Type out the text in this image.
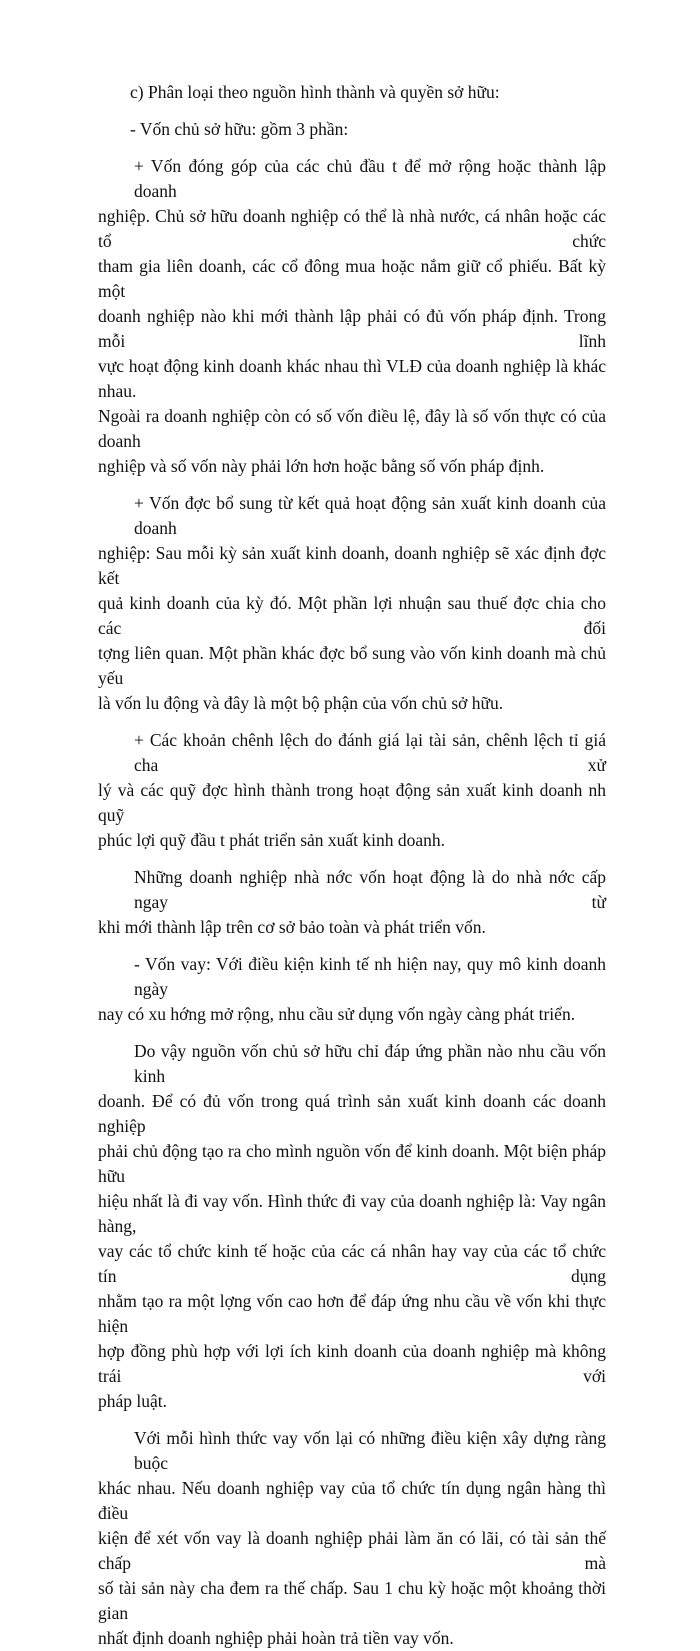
c) Phân loại theo nguồn hình thành và quyền sở hữu:

- Vốn chủ sở hữu: gồm 3 phần:

+ Vốn đóng góp của các chủ đầu t để mở rộng hoặc thành lập doanh

nghiệp. Chủ sở hữu doanh nghiệp có thể là nhà nước, cá nhân hoặc các tổ chức

tham gia liên doanh, các cổ đông mua hoặc nắm giữ cổ phiếu. Bất kỳ một

doanh nghiệp nào khi mới thành lập phải có đủ vốn pháp định. Trong mỗi lĩnh

vực hoạt động kinh doanh khác nhau thì VLĐ của doanh nghiệp là khác nhau.

Ngoài ra doanh nghiệp còn có số vốn điều lệ, đây là số vốn thực có của doanh

nghiệp và số vốn này phải lớn hơn hoặc bằng số vốn pháp định.

+ Vốn đợc bổ sung từ kết quả hoạt động sản xuất kinh doanh của doanh

nghiệp: Sau mỗi kỳ sản xuất kinh doanh, doanh nghiệp sẽ xác định đợc kết

quả kinh doanh của kỳ đó. Một phần lợi nhuận sau thuế đợc chia cho các đối

tợng liên quan. Một phần khác đợc bổ sung vào vốn kinh doanh mà chủ yếu

là vốn lu động và đây là một bộ phận của vốn chủ sở hữu.

+ Các khoản chênh lệch do đánh giá lại tài sản, chênh lệch tỉ giá cha xử

lý và các quỹ đợc hình thành trong hoạt động sản xuất kinh doanh nh quỹ

phúc lợi quỹ đầu t phát triển sản xuất kinh doanh.

Những doanh nghiệp nhà nớc vốn hoạt động là do nhà nớc cấp ngay từ

khi mới thành lập trên cơ sở bảo toàn và phát triển vốn.

- Vốn vay: Với điều kiện kinh tế nh hiện nay, quy mô kinh doanh ngày

nay có xu hớng mở rộng, nhu cầu sử dụng vốn ngày càng phát triển.

Do vậy nguồn vốn chủ sở hữu chỉ đáp ứng phần nào nhu cầu vốn kinh

doanh. Để có đủ vốn trong quá trình sản xuất kinh doanh các doanh nghiệp

phải chủ động tạo ra cho mình nguồn vốn để kinh doanh. Một biện pháp hữu

hiệu nhất là đi vay vốn. Hình thức đi vay của doanh nghiệp là: Vay ngân hàng,

vay các tổ chức kinh tế hoặc của các cá nhân hay vay của các tổ chức tín dụng

nhằm tạo ra một lợng vốn cao hơn để đáp ứng nhu cầu về vốn khi thực hiện

hợp đồng phù hợp với lợi ích kinh doanh của doanh nghiệp mà không trái với

pháp luật.

Với mỗi hình thức vay vốn lại có những điều kiện xây dựng ràng buộc

khác nhau. Nếu doanh nghiệp vay của tổ chức tín dụng ngân hàng thì điều

kiện để xét vốn vay là doanh nghiệp phải làm ăn có lãi, có tài sản thế chấp mà

số tài sản này cha đem ra thế chấp. Sau 1 chu kỳ hoặc một khoảng thời gian

nhất định doanh nghiệp phải hoàn trả tiền vay vốn.
